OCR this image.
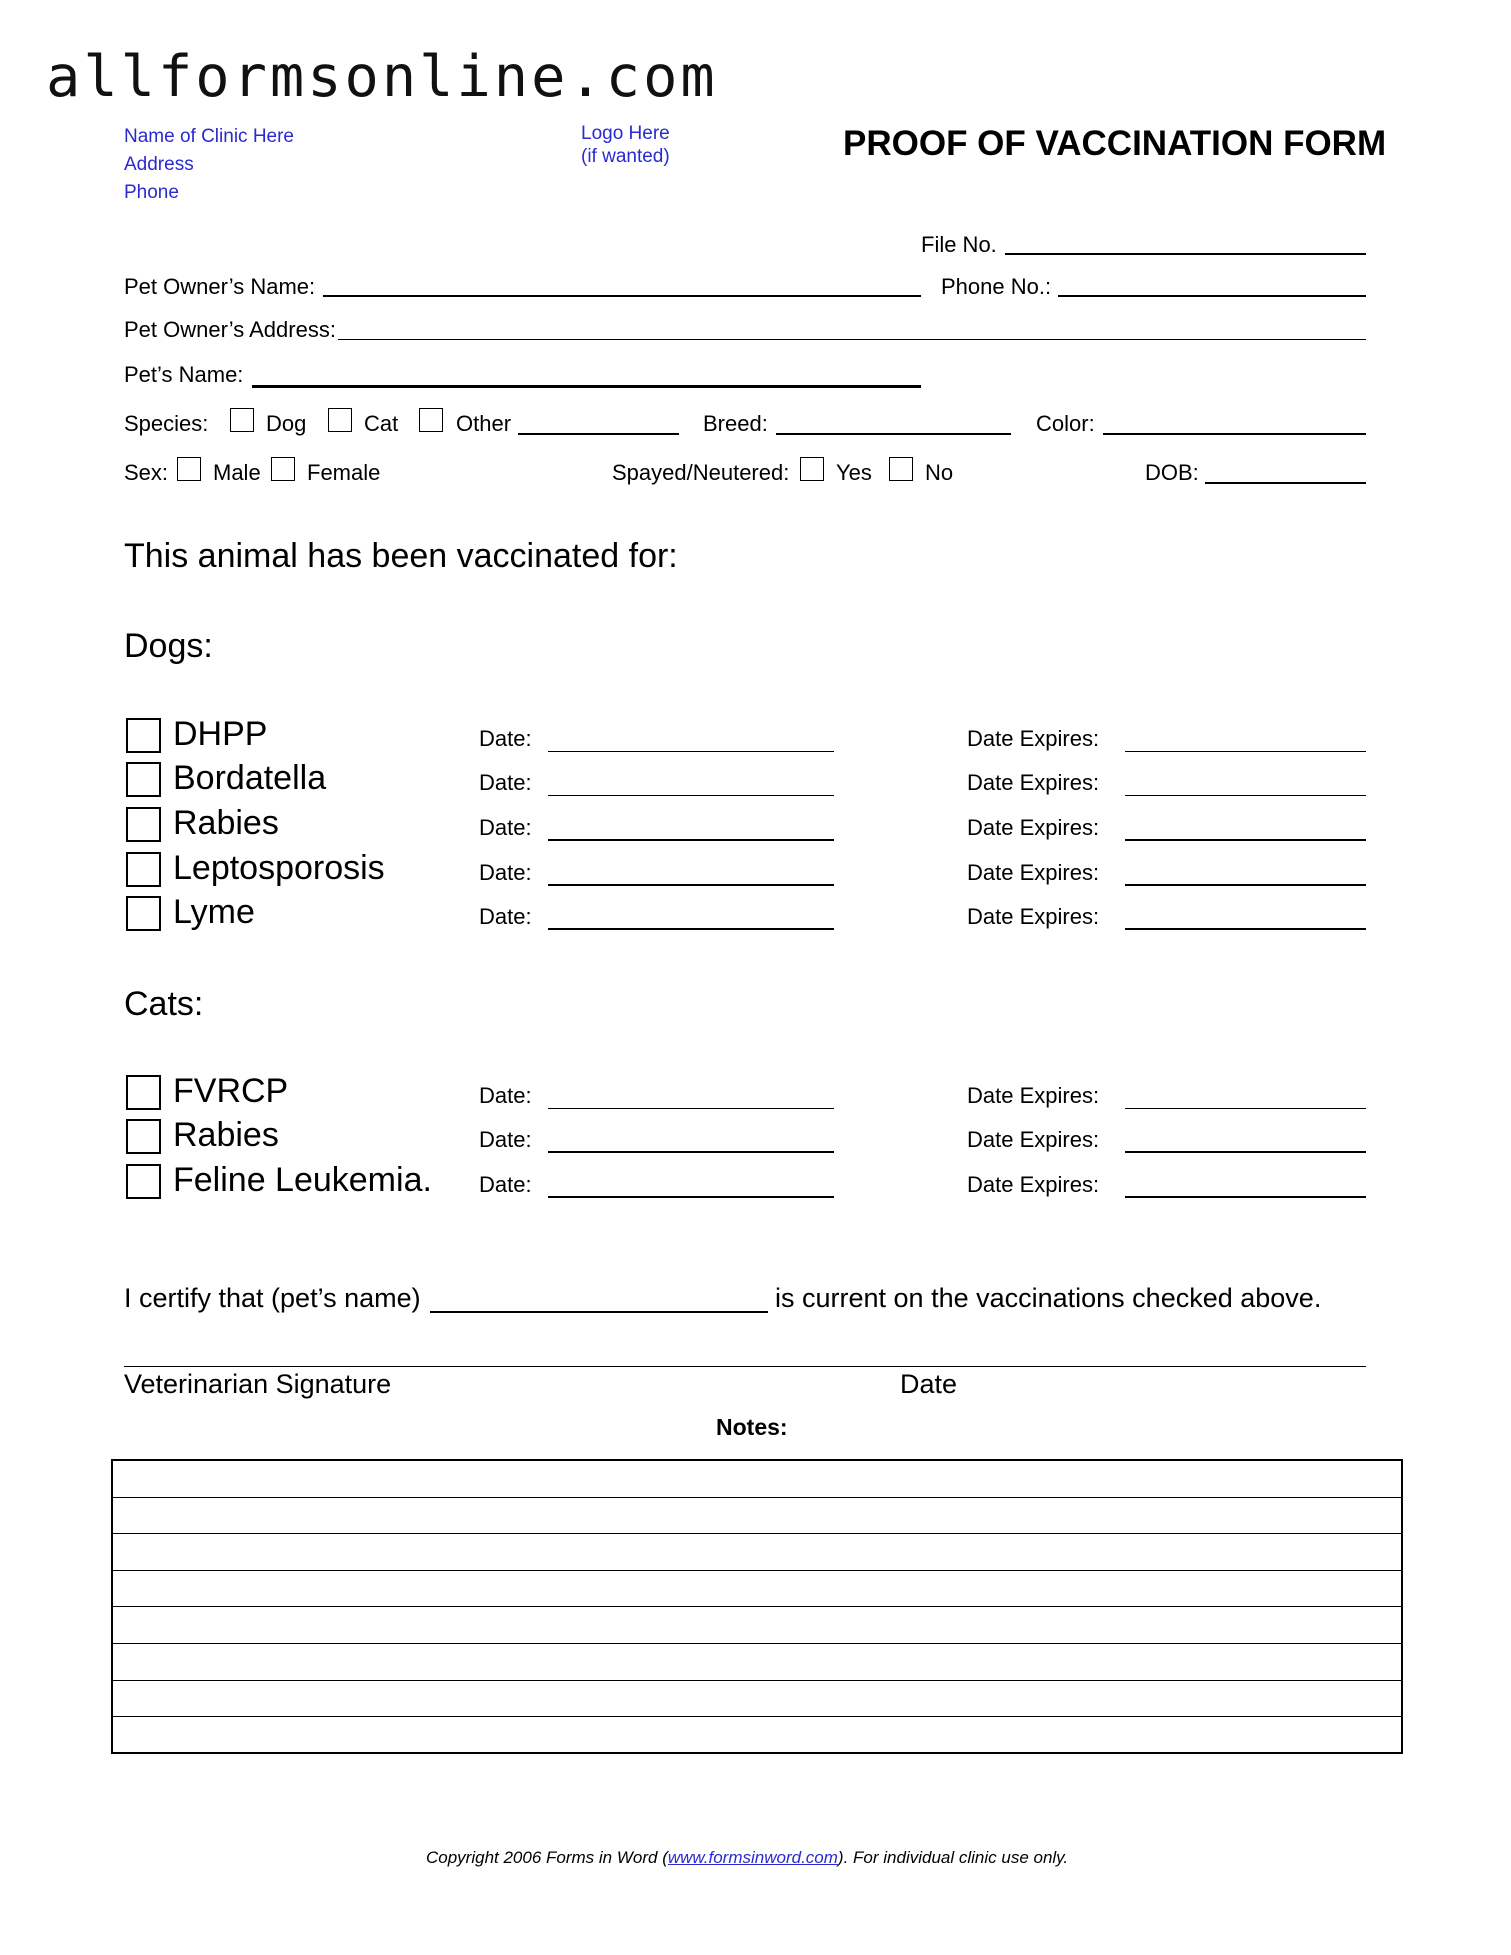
allformsonline.com
Name of Clinic Here
Address
Phone
Logo Here
(if wanted)	PROOF OF VACCINATION FORM
File No.
Pet Owner’s Name:	Phone No.:
Pet Owner’s Address:
Pet’s Name:
Species:	Dog	Cat	Other	Breed:	Color:
Sex: Male Female	Spayed/Neutered: Yes No	DOB:
This animal has been vaccinated for:
Dogs:
DHPP	Date:	Date Expires:
Bordatella	Date:	Date Expires:
Rabies	Date:	Date Expires:
Leptosporosis	Date:	Date Expires:
Lyme	Date:	Date Expires:
Cats:
FVRCP	Date:	Date Expires:
Rabies	Date:	Date Expires:
Feline Leukemia. Date:	Date Expires:
I certify that (pet’s name)	is current on the vaccinations checked above.
Veterinarian Signature	Date
Notes:
Copyright 2006 Forms in Word (www.formsinword.com). For individual clinic use only.
